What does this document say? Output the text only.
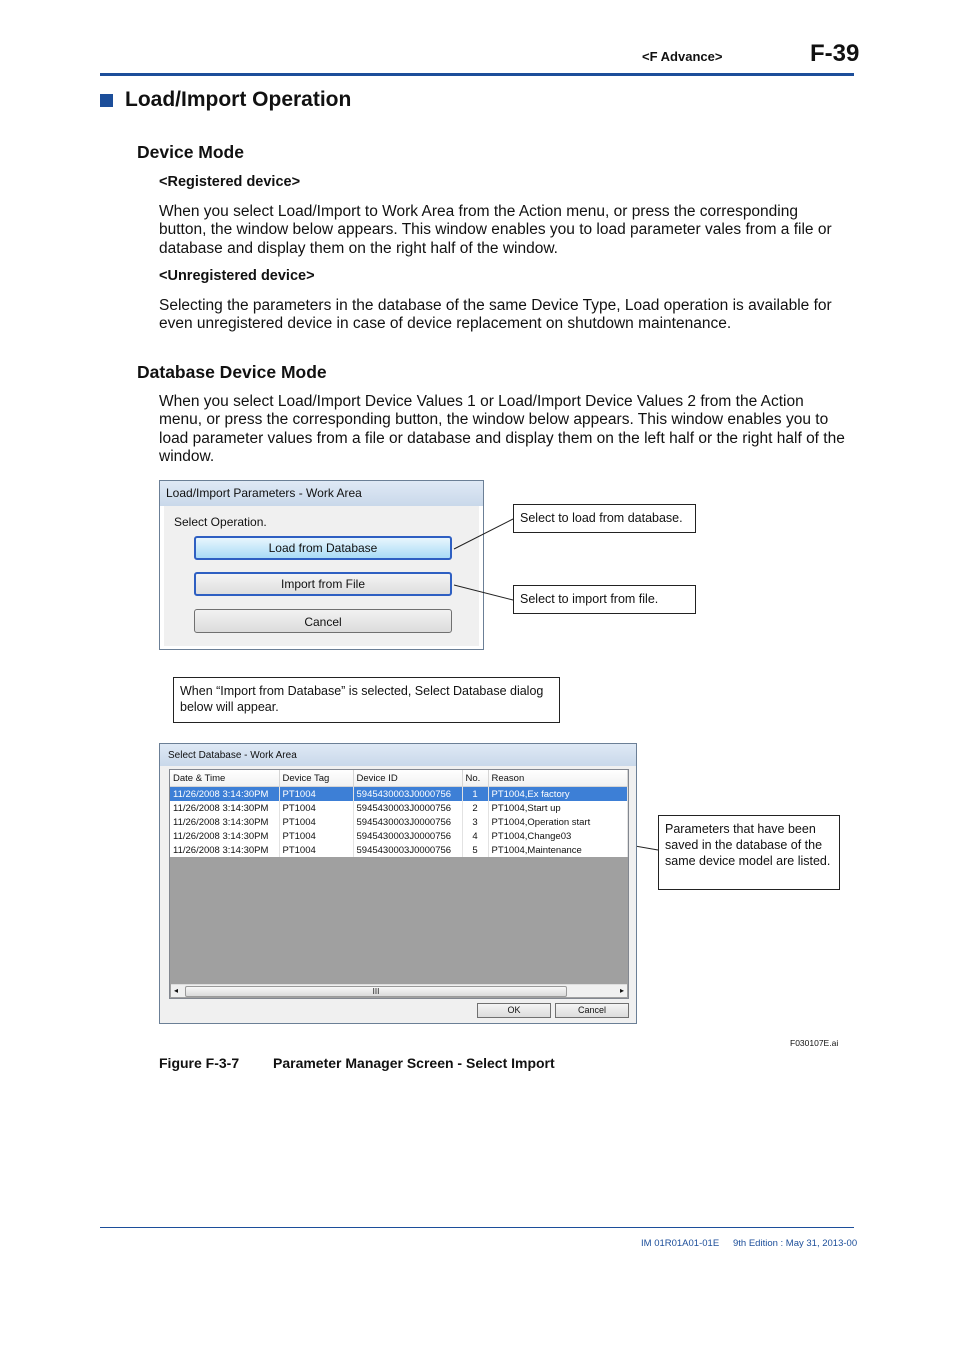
<F Advance>	F-39
Load/Import Operation
Device Mode
<Registered device>
When you select Load/Import to Work Area from the Action menu, or press the corresponding button, the window below appears. This window enables you to load parameter vales from a file or database and display them on the right half of the window.
<Unregistered device>
Selecting the parameters in the database of the same Device Type, Load operation is available for even unregistered device in case of device replacement on shutdown maintenance.
Database Device Mode
When you select Load/Import Device Values 1 or Load/Import Device Values 2 from the Action menu, or press the corresponding button, the window below appears. This window enables you to load parameter values from a file or database and display them on the left half or the right half of the window.
Load/Import Parameters - Work Area
Select Operation.
Load from Database
Import from File
Cancel
Select to load from database.
Select to import from file.
When “Import from Database” is selected, Select Database dialog below will appear.
Select Database - Work Area
Date & Time	Device Tag	Device ID	No.	Reason
11/26/2008 3:14:30PM	PT1004	5945430003J0000756	1	PT1004,Ex factory
11/26/2008 3:14:30PM	PT1004	5945430003J0000756	2	PT1004,Start up
11/26/2008 3:14:30PM	PT1004	5945430003J0000756	3	PT1004,Operation start
11/26/2008 3:14:30PM	PT1004	5945430003J0000756	4	PT1004,Change03
11/26/2008 3:14:30PM	PT1004	5945430003J0000756	5	PT1004,Maintenance
◂	III	▸
OK	Cancel
Parameters that have been saved in the database of the same device model are listed.
F030107E.ai
Figure F-3-7 Parameter Manager Screen - Select Import
IM 01R01A01-01E 9th Edition : May 31, 2013-00
